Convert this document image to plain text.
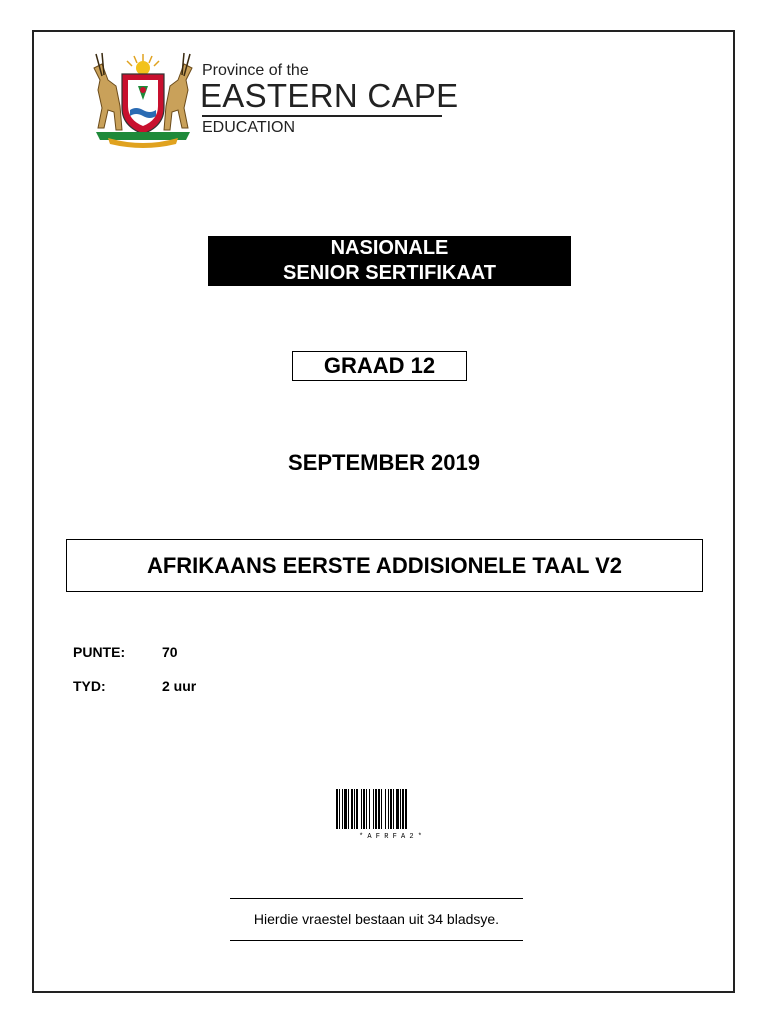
Province of the
EASTERN CAPE
EDUCATION
NASIONALE
SENIOR SERTIFIKAAT
GRAAD 12
SEPTEMBER 2019
AFRIKAANS EERSTE ADDISIONELE TAAL V2
PUNTE:	70
TYD:	2 uur
* A F R F A 2 *
Hierdie vraestel bestaan uit 34 bladsye.
